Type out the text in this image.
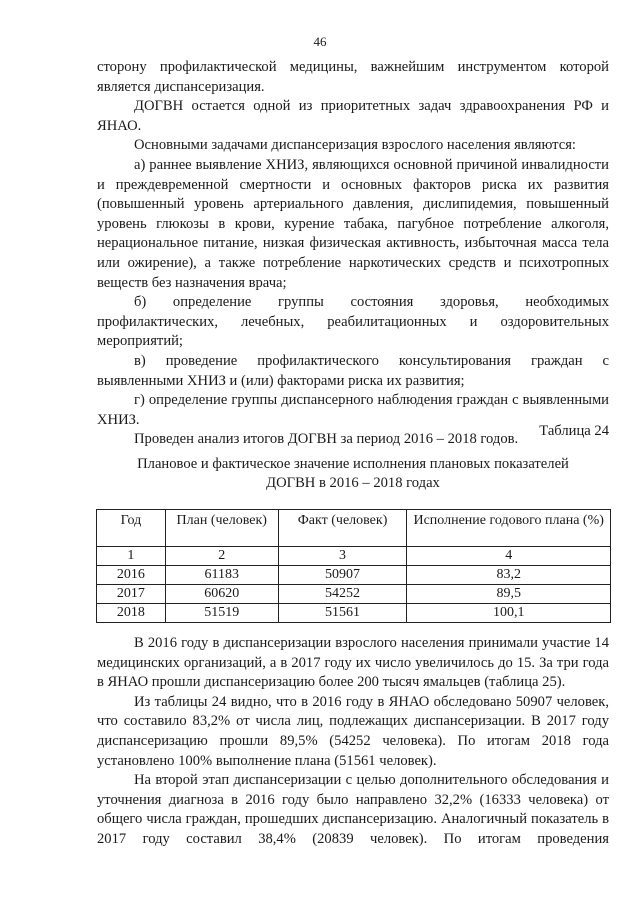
46

сторону профилактической медицины, важнейшим инструментом которой является диспансеризация.

ДОГВН остается одной из приоритетных задач здравоохранения РФ и ЯНАО.

Основными задачами диспансеризация взрослого населения являются:

а) раннее выявление ХНИЗ, являющихся основной причиной инвалидности и преждевременной смертности и основных факторов риска их развития (повышенный уровень артериального давления, дислипидемия, повышенный уровень глюкозы в крови, курение табака, пагубное потребление алкоголя, нерациональное питание, низкая физическая активность, избыточная масса тела или ожирение), а также потребление наркотических средств и психотропных веществ без назначения врача;

б) определение группы состояния здоровья, необходимых профилактических, лечебных, реабилитационных и оздоровительных мероприятий;

в) проведение профилактического консультирования граждан с выявленными ХНИЗ и (или) факторами риска их развития;

г) определение группы диспансерного наблюдения граждан с выявленными ХНИЗ.

Проведен анализ итогов ДОГВН за период 2016 – 2018 годов.

Таблица 24
Плановое и фактическое значение исполнения плановых показателей
ДОГВН в 2016 – 2018 годах
Год	План (человек)	Факт (человек)	Исполнение годового плана (%)
1	2	3	4
2016	61183	50907	83,2
2017	60620	54252	89,5
2018	51519	51561	100,1

В 2016 году в диспансеризации взрослого населения принимали участие 14 медицинских организаций, а в 2017 году их число увеличилось до 15. За три года в ЯНАО прошли диспансеризацию более 200 тысяч ямальцев (таблица 25).

Из таблицы 24 видно, что в 2016 году в ЯНАО обследовано 50907 человек, что составило 83,2% от числа лиц, подлежащих диспансеризации. В 2017 году диспансеризацию прошли 89,5% (54252 человека). По итогам 2018 года установлено 100% выполнение плана (51561 человек).

На второй этап диспансеризации с целью дополнительного обследования и уточнения диагноза в 2016 году было направлено 32,2% (16333 человека) от общего числа граждан, прошедших диспансеризацию. Аналогичный показатель в 2017 году составил 38,4% (20839 человек). По итогам проведения
